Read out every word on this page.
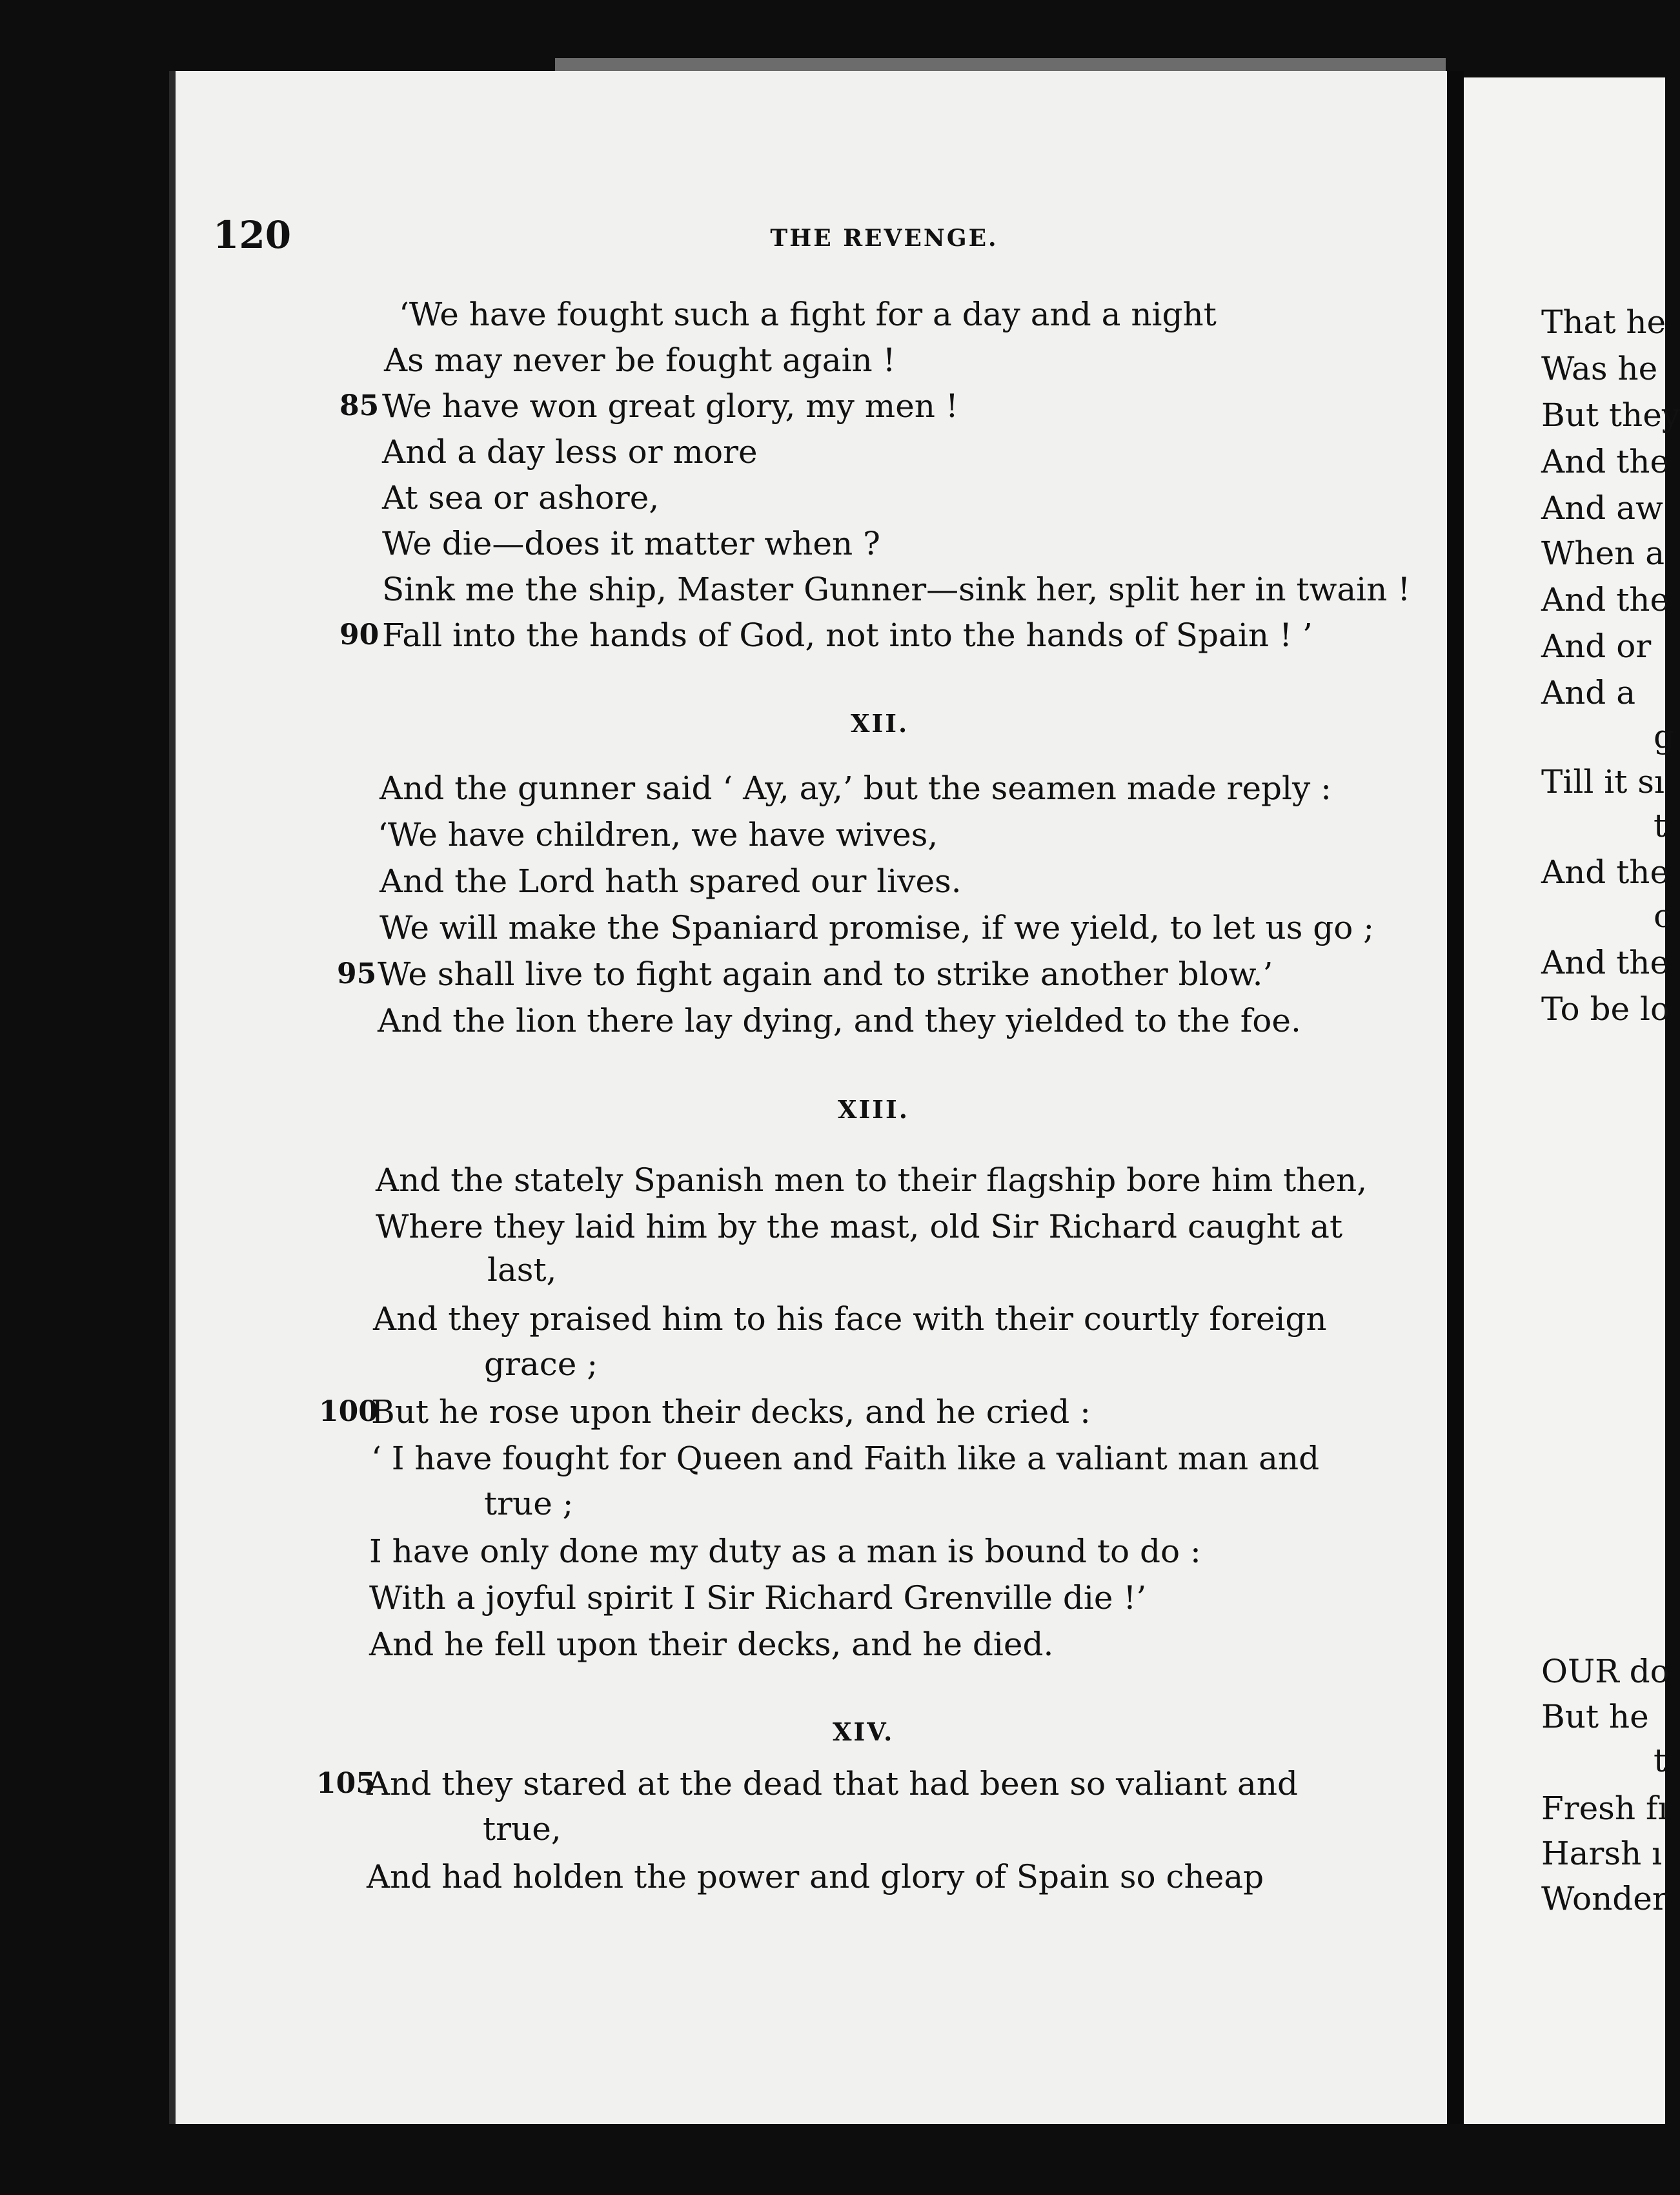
120	THE REVENGE.
‘We have fought such a fight for a day and a night
As may never be fought again !
85 We have won great glory, my men !
And a day less or more
At sea or ashore,
We die—does it matter when ?
Sink me the ship, Master Gunner—sink her, split her in twain !
90 Fall into the hands of God, not into the hands of Spain ! ’
XII.
And the gunner said ‘ Ay, ay,’ but the seamen made reply :
‘We have children, we have wives,
And the Lord hath spared our lives.
We will make the Spaniard promise, if we yield, to let us go ;
95 We shall live to fight again and to strike another blow.’
And the lion there lay dying, and they yielded to the foe.
XIII.
And the stately Spanish men to their flagship bore him then,
Where they laid him by the mast, old Sir Richard caught at
last,
And they praised him to his face with their courtly foreign
grace ;
100
But he rose upon their decks, and he cried :
‘ I have fought for Queen and Faith like a valiant man and
true ;
I have only done my duty as a man is bound to do :
With a joyful spirit I Sir Richard Grenville die !’
And he fell upon their decks, and he died.
XIV.
105
And they stared at the dead that had been so valiant and
true,
And had holden the power and glory of Spain so cheap
That he
Was he
But they
And the
And aw
When a
And the
And or
And a
g
Till it sı
t
And the
c
And the
To be lo
OUR do
But he
t
Fresh fı
Harsh ı
Wonder
